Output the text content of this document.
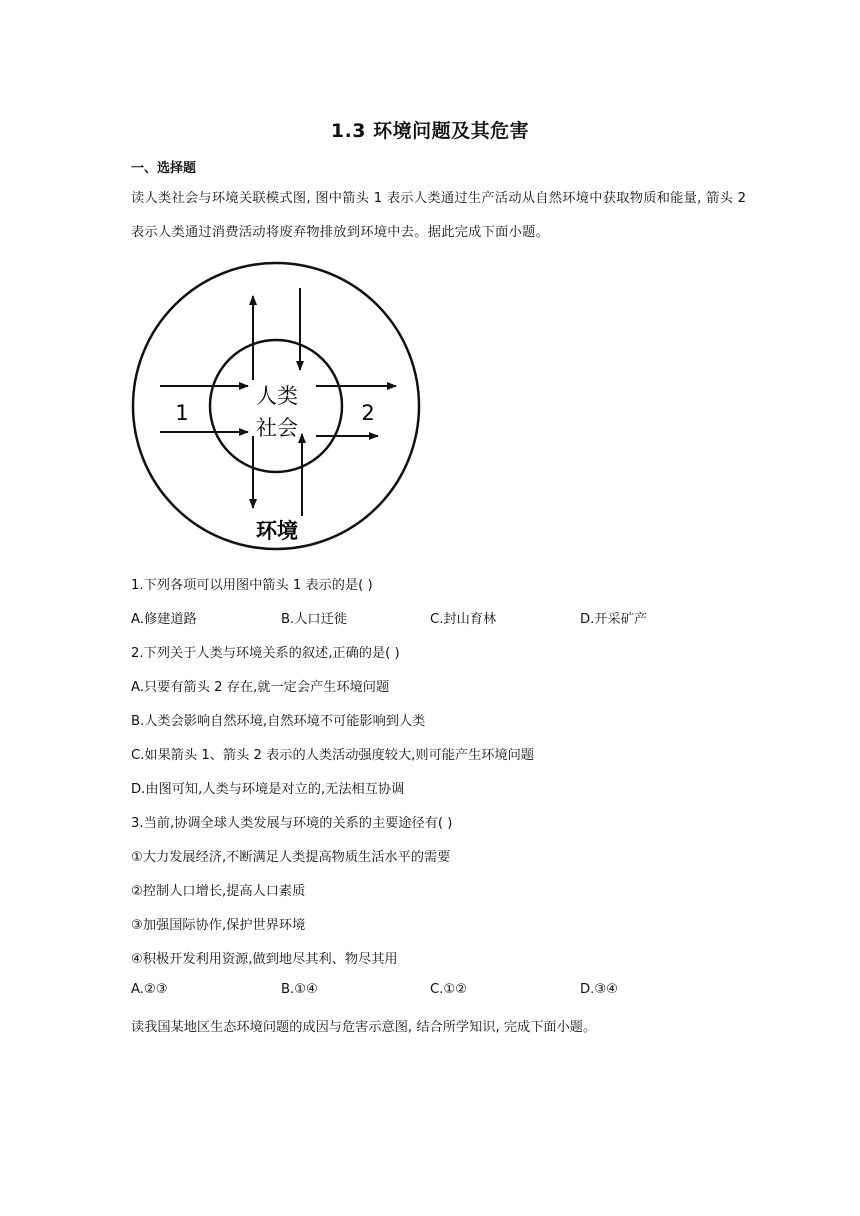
1.3 环境问题及其危害
一、选择题
读人类社会与环境关联模式图, 图中箭头 1 表示人类通过生产活动从自然环境中获取物质和能量, 箭头 2 表示人类通过消费活动将废弃物排放到环境中去。据此完成下面小题。
人类
社会
1	2
环境
1.下列各项可以用图中箭头 1 表示的是( )
A.修建道路	B.人口迁徙	C.封山育林	D.开采矿产
2.下列关于人类与环境关系的叙述,正确的是( )
A.只要有箭头 2 存在,就一定会产生环境问题
B.人类会影响自然环境,自然环境不可能影响到人类
C.如果箭头 1、箭头 2 表示的人类活动强度较大,则可能产生环境问题
D.由图可知,人类与环境是对立的,无法相互协调
3.当前,协调全球人类发展与环境的关系的主要途径有( )
①大力发展经济,不断满足人类提高物质生活水平的需要
②控制人口增长,提高人口素质
③加强国际协作,保护世界环境
④积极开发利用资源,做到地尽其利、物尽其用
A.②③	B.①④	C.①②	D.③④
读我国某地区生态环境问题的成因与危害示意图, 结合所学知识, 完成下面小题。
